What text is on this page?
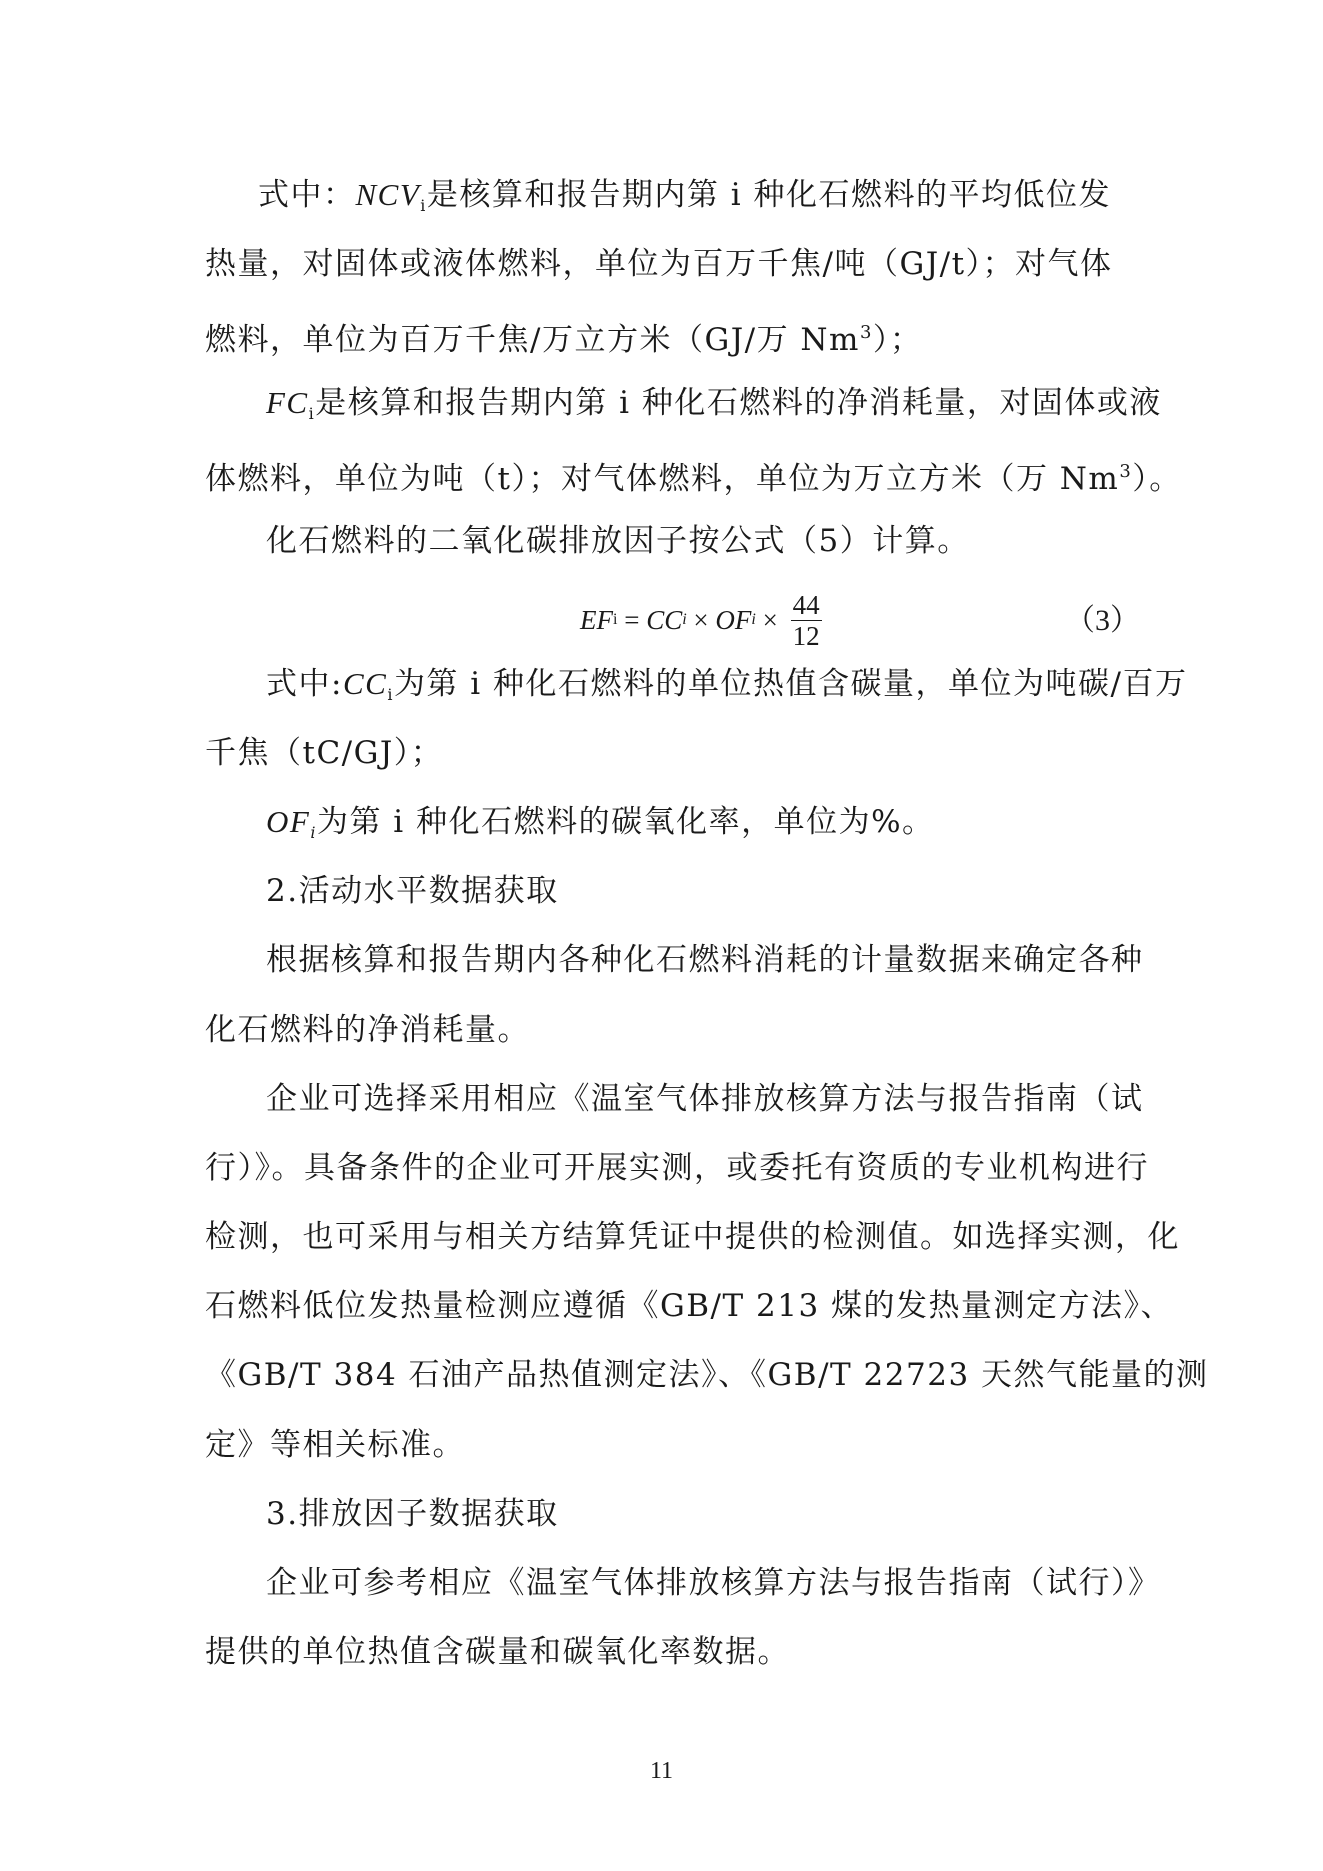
式中：$NCV_i$是核算和报告期内第 i 种化石燃料的平均低位发
热量，对固体或液体燃料，单位为百万千焦/吨（GJ/t）；对气体
燃料，单位为百万千焦/万立方米（GJ/万 Nm$^3$）；
$FC_i$是核算和报告期内第 i 种化石燃料的净消耗量，对固体或液
体燃料，单位为吨（t）；对气体燃料，单位为万立方米（万 Nm$^3$）。
化石燃料的二氧化碳排放因子按公式（5）计算。
EF i = CC i × OF $i \times \frac{44}{12}$	（3）
式中$:CC_i$为第 i 种化石燃料的单位热值含碳量，单位为吨碳/百万
千焦（tC/GJ）；
OFi为第 i 种化石燃料的碳氧化率，单位为%。
2.活动水平数据获取
根据核算和报告期内各种化石燃料消耗的计量数据来确定各种
化石燃料的净消耗量。
企业可选择采用相应《温室气体排放核算方法与报告指南（试
行）》。具备条件的企业可开展实测，或委托有资质的专业机构进行
检测，也可采用与相关方结算凭证中提供的检测值。如选择实测，化
石燃料低位发热量检测应遵循《GB/T 213 煤的发热量测定方法》、
《GB/T 384 石油产品热值测定法》、《GB/T 22723 天然气能量的测
定》等相关标准。
3.排放因子数据获取
企业可参考相应《温室气体排放核算方法与报告指南（试行）》
提供的单位热值含碳量和碳氧化率数据。
11
